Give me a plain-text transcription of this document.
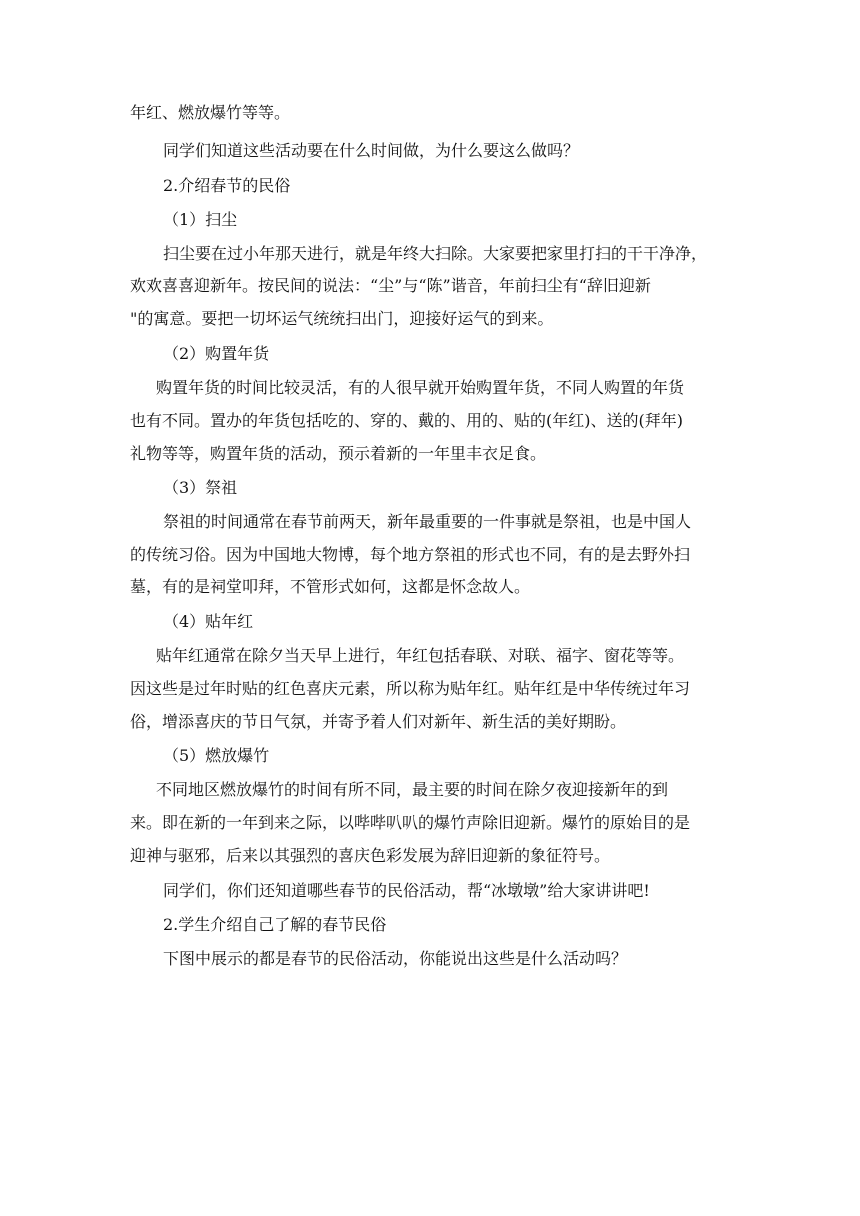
年红、燃放爆竹等等。
同学们知道这些活动要在什么时间做，为什么要这么做吗？
2.介绍春节的民俗
（1）扫尘
扫尘要在过小年那天进行，就是年终大扫除。大家要把家里打扫的干干净净，
欢欢喜喜迎新年。按民间的说法：“尘”与“陈”谐音，年前扫尘有“辞旧迎新
"的寓意。要把一切坏运气统统扫出门，迎接好运气的到来。
（2）购置年货
购置年货的时间比较灵活，有的人很早就开始购置年货，不同人购置的年货
也有不同。置办的年货包括吃的、穿的、戴的、用的、贴的(年红)、送的(拜年)
礼物等等，购置年货的活动，预示着新的一年里丰衣足食。
（3）祭祖
祭祖的时间通常在春节前两天，新年最重要的一件事就是祭祖，也是中国人
的传统习俗。因为中国地大物博，每个地方祭祖的形式也不同，有的是去野外扫
墓，有的是祠堂叩拜，不管形式如何，这都是怀念故人。
（4）贴年红
贴年红通常在除夕当天早上进行，年红包括春联、对联、福字、窗花等等。
因这些是过年时贴的红色喜庆元素，所以称为贴年红。贴年红是中华传统过年习
俗，增添喜庆的节日气氛，并寄予着人们对新年、新生活的美好期盼。
（5）燃放爆竹
不同地区燃放爆竹的时间有所不同，最主要的时间在除夕夜迎接新年的到
来。即在新的一年到来之际，以哔哔叭叭的爆竹声除旧迎新。爆竹的原始目的是
迎神与驱邪，后来以其强烈的喜庆色彩发展为辞旧迎新的象征符号。
同学们，你们还知道哪些春节的民俗活动，帮“冰墩墩”给大家讲讲吧!
2.学生介绍自己了解的春节民俗
下图中展示的都是春节的民俗活动，你能说出这些是什么活动吗？
